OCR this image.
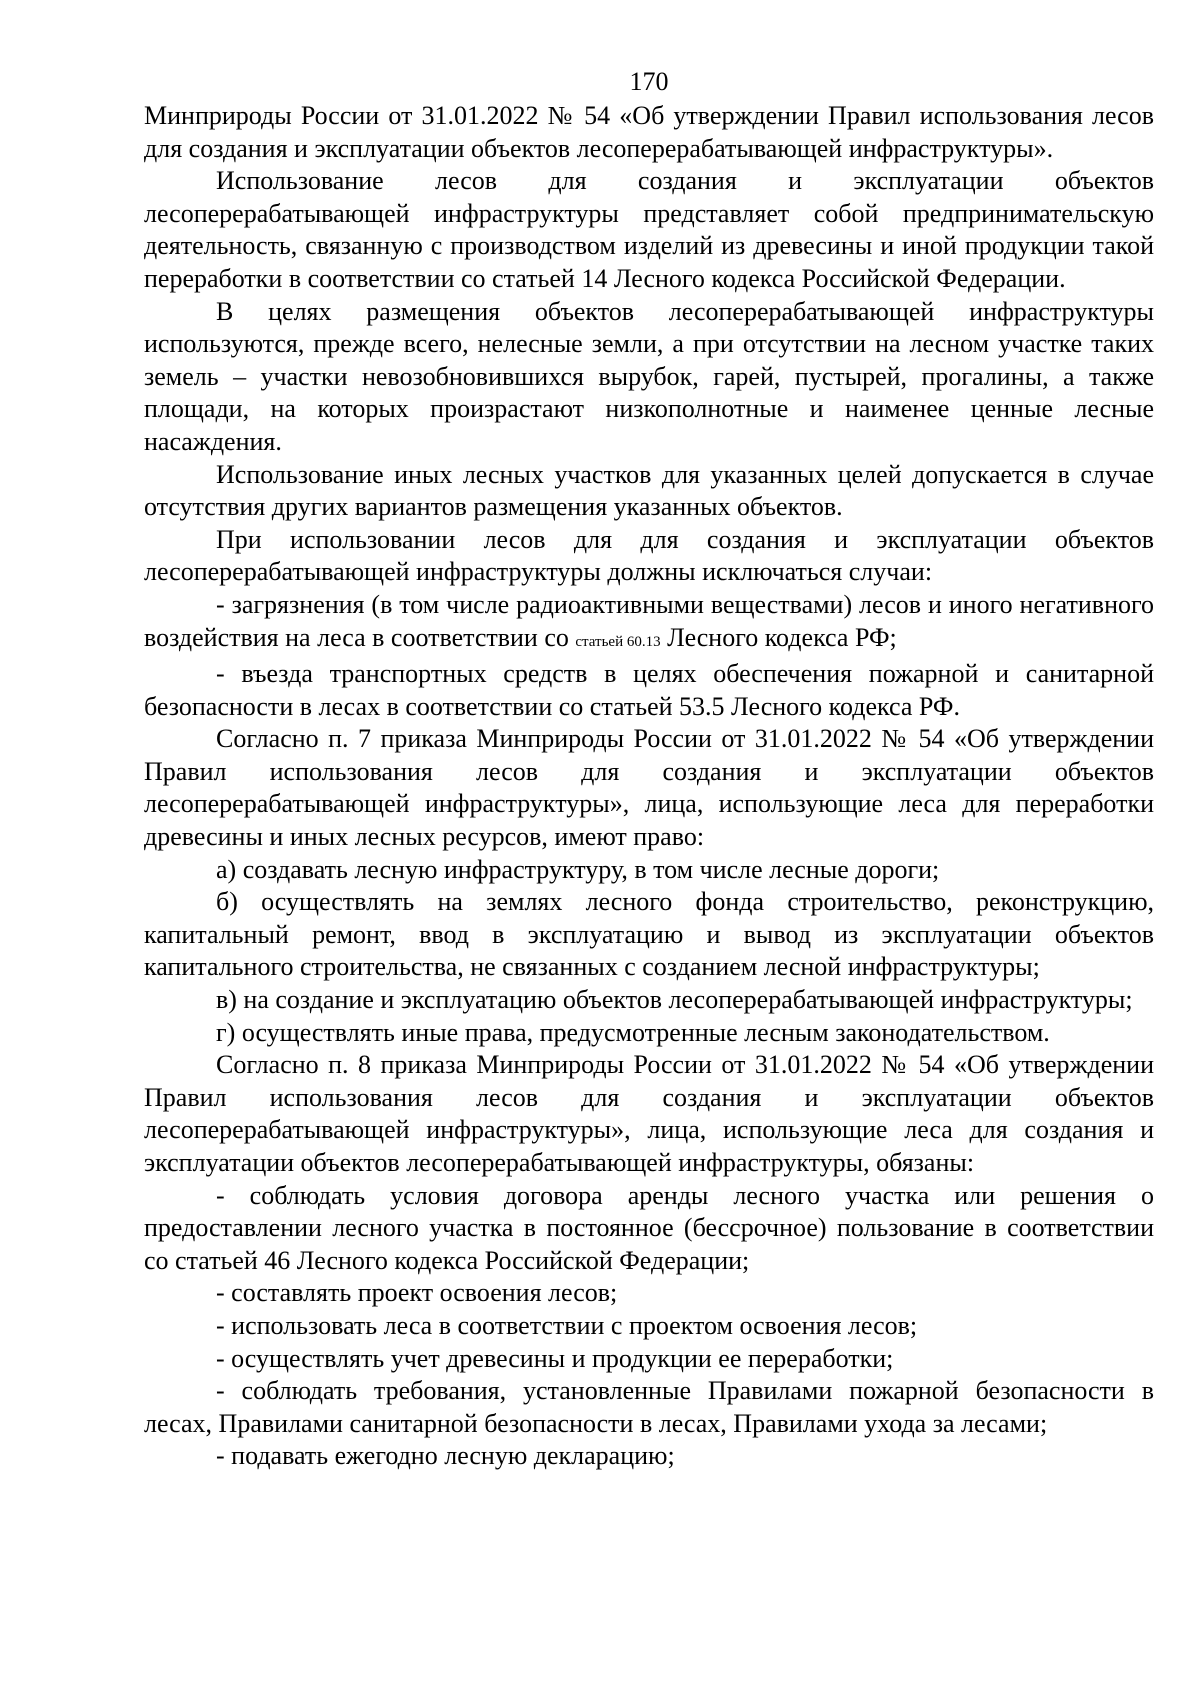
170

Минприроды России от 31.01.2022 № 54 «Об утверждении Правил использования лесов для создания и эксплуатации объектов лесоперерабатывающей инфраструктуры».

Использование лесов для создания и эксплуатации объектов лесоперерабатывающей инфраструктуры представляет собой предпринимательскую деятельность, связанную с производством изделий из древесины и иной продукции такой переработки в соответствии со статьей 14 Лесного кодекса Российской Федерации.

В целях размещения объектов лесоперерабатывающей инфраструктуры используются, прежде всего, нелесные земли, а при отсутствии на лесном участке таких земель – участки невозобновившихся вырубок, гарей, пустырей, прогалины, а также площади, на которых произрастают низкополнотные и наименее ценные лесные насаждения.

Использование иных лесных участков для указанных целей допускается в случае отсутствия других вариантов размещения указанных объектов.

При использовании лесов для для создания и эксплуатации объектов лесоперерабатывающей инфраструктуры должны исключаться случаи:

- загрязнения (в том числе радиоактивными веществами) лесов и иного негативного воздействия на леса в соответствии со статьей 60.13 Лесного кодекса РФ;

- въезда транспортных средств в целях обеспечения пожарной и санитарной безопасности в лесах в соответствии со статьей 53.5 Лесного кодекса РФ.

Согласно п. 7 приказа Минприроды России от 31.01.2022 № 54 «Об утверждении Правил использования лесов для создания и эксплуатации объектов лесоперерабатывающей инфраструктуры», лица, использующие леса для переработки древесины и иных лесных ресурсов, имеют право:

а) создавать лесную инфраструктуру, в том числе лесные дороги;

б) осуществлять на землях лесного фонда строительство, реконструкцию, капитальный ремонт, ввод в эксплуатацию и вывод из эксплуатации объектов капитального строительства, не связанных с созданием лесной инфраструктуры;

в) на создание и эксплуатацию объектов лесоперерабатывающей инфраструктуры;

г) осуществлять иные права, предусмотренные лесным законодательством.

Согласно п. 8 приказа Минприроды России от 31.01.2022 № 54 «Об утверждении Правил использования лесов для создания и эксплуатации объектов лесоперерабатывающей инфраструктуры», лица, использующие леса для создания и эксплуатации объектов лесоперерабатывающей инфраструктуры, обязаны:

- соблюдать условия договора аренды лесного участка или решения о предоставлении лесного участка в постоянное (бессрочное) пользование в соответствии со статьей 46 Лесного кодекса Российской Федерации;

- составлять проект освоения лесов;

- использовать леса в соответствии с проектом освоения лесов;

- осуществлять учет древесины и продукции ее переработки;

- соблюдать требования, установленные Правилами пожарной безопасности в лесах, Правилами санитарной безопасности в лесах, Правилами ухода за лесами;

- подавать ежегодно лесную декларацию;
